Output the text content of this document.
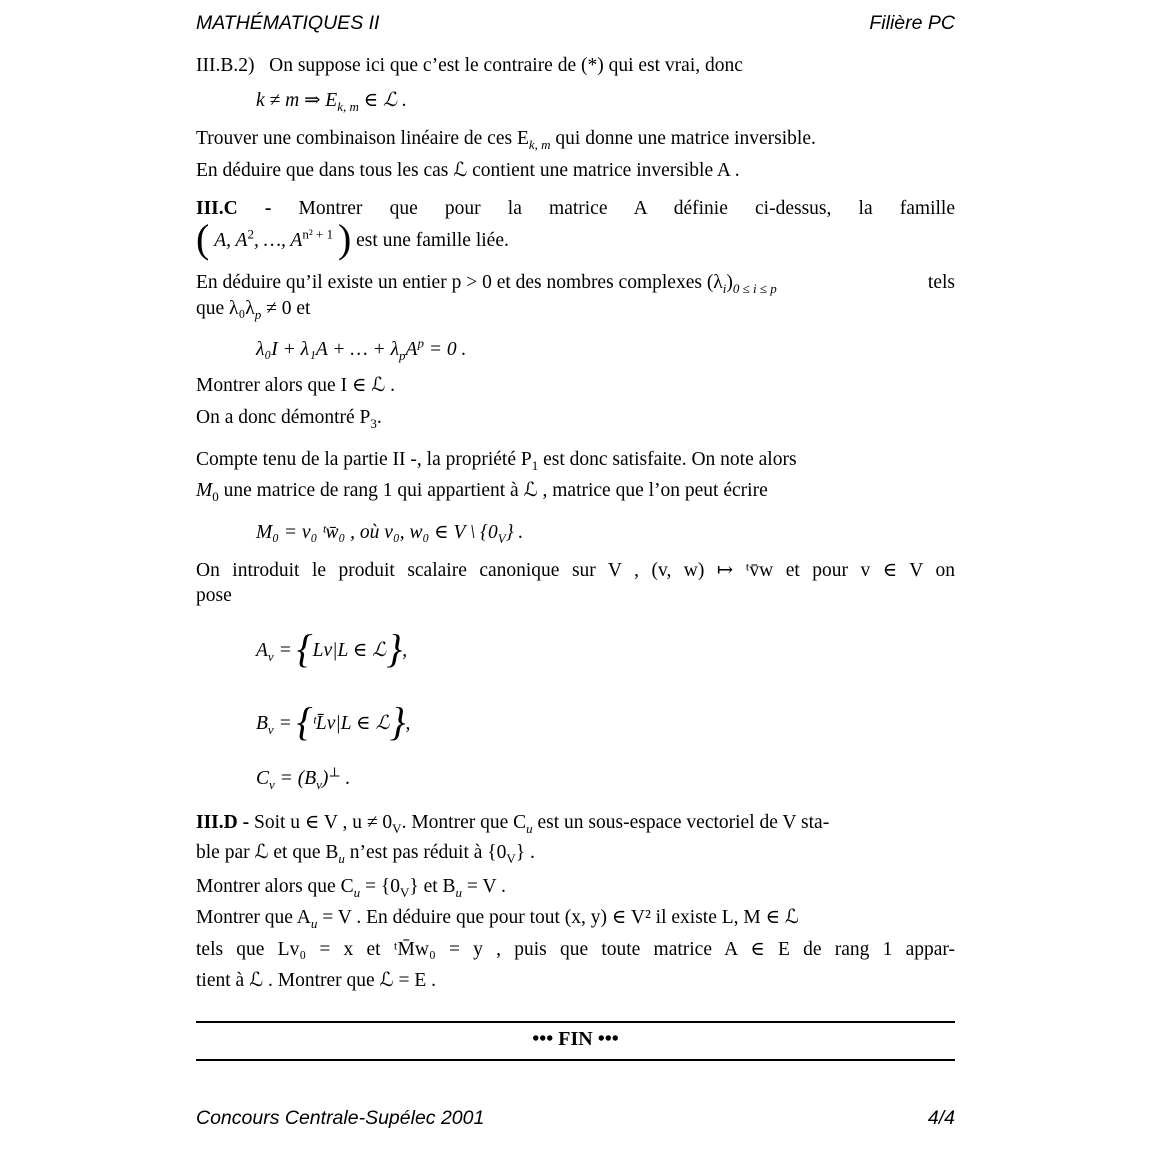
MATHÉMATIQUES II	Filière PC
III.B.2) On suppose ici que c’est le contraire de (*) qui est vrai, donc
k ≠ m ⇒ $E_{k, m}$ ∈ ℒ .
Trouver une combinaison linéaire de ces $E_{k, m}$ qui donne une matrice inversible.
En déduire que dans tous les cas ℒ contient une matrice inversible A .
III.C - Montrer que pour la matrice A définie ci-dessus, la famille
( A, $A^2$, …, $A^{n^2 + 1}$ ) est une famille liée.
En déduire qu’il existe un entier p > 0 et des nombres complexes $(\lambda_i)_{0 \le i \le p}$	tels
que $\lambda_0\lambda_p \ne 0$ et
λ₀I + λ₁A + … + $\lambda_pA^p = 0$ .
Montrer alors que I ∈ ℒ .
On a donc démontré $P_3$.
Compte tenu de la partie II -, la propriété $P_1$ est donc satisfaite. On note alors
$M_0$ une matrice de rang 1 qui appartient à ℒ , matrice que l’on peut écrire
M₀ = v₀ ᵗw̄₀ , où v₀, w₀ ∈ V \ $\{0_V\}$ .
On introduit le produit scalaire canonique sur V , (v, w) ↦ ᵗv̄w et pour v ∈ V on
pose
$A_v = \{Lv|L$ ∈ ℒ},
$B_v$ = {ᵗL̄v|L ∈ ℒ},
$C_v = (B_v)^\perp$ .
III.D - Soit u ∈ V , $u \ne 0_V$. Montrer que $C_u$ est un sous-espace vectoriel de V sta-
ble par ℒ et que $B_u$ n’est pas réduit à $\{0_V\}$ .
Montrer alors que $C_u = \{0_V\}$ et $B_u = V$ .
Montrer que $A_u = V$ . En déduire que pour tout (x, y) ∈ V² il existe L, M ∈ ℒ
tels que Lv₀ = x et ᵗM̄w₀ = y , puis que toute matrice A ∈ E de rang 1 appar-
tient à ℒ . Montrer que ℒ = E .
••• FIN •••
Concours Centrale-Supélec 2001	4/4
